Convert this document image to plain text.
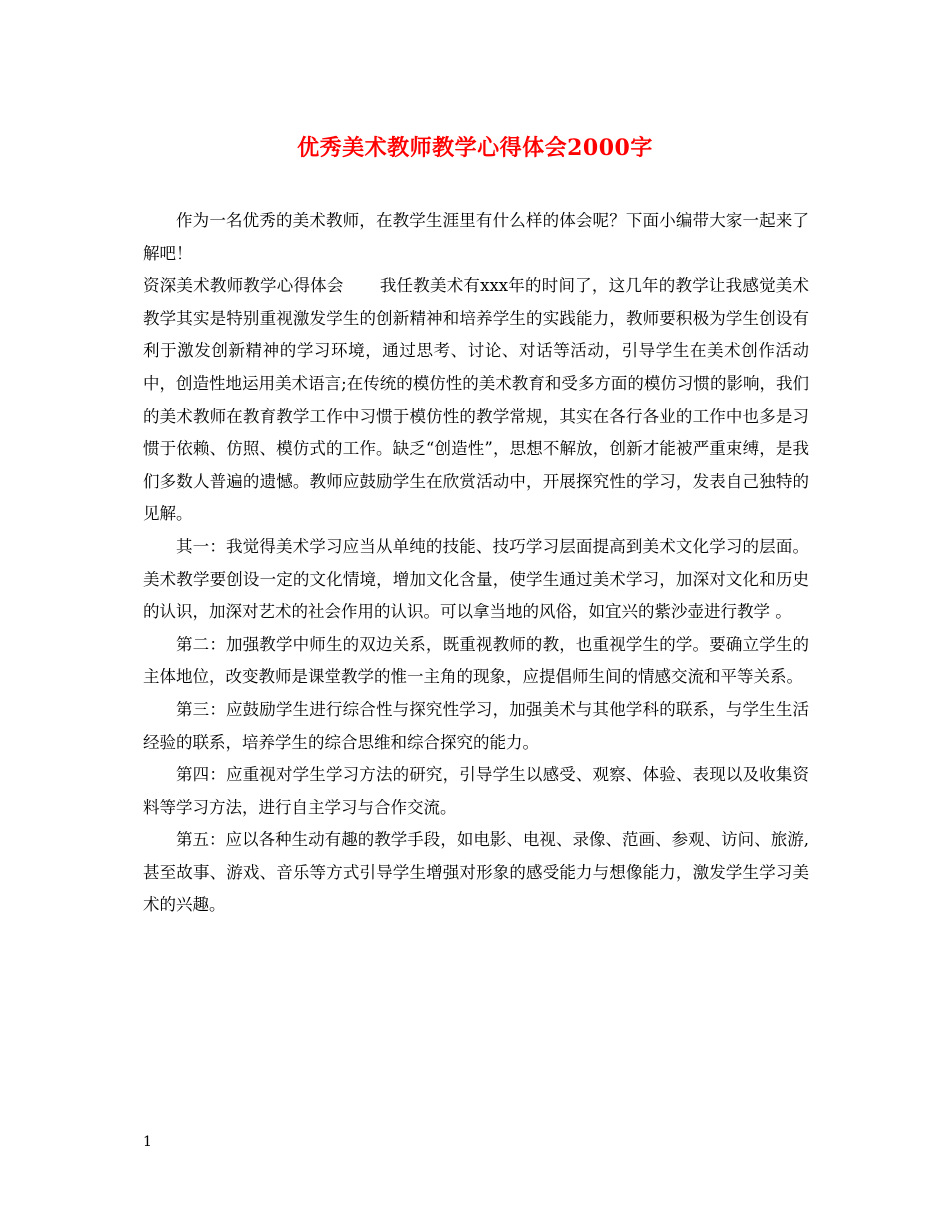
优秀美术教师教学心得体会2000字

作为一名优秀的美术教师，在教学生涯里有什么样的体会呢？下面小编带大家一起来了解吧！

资深美术教师教学心得体会 我任教美术有xxx年的时间了，这几年的教学让我感觉美术教学其实是特别重视激发学生的创新精神和培养学生的实践能力，教师要积极为学生创设有利于激发创新精神的学习环境，通过思考、讨论、对话等活动，引导学生在美术创作活动中，创造性地运用美术语言;在传统的模仿性的美术教育和受多方面的模仿习惯的影响，我们的美术教师在教育教学工作中习惯于模仿性的教学常规，其实在各行各业的工作中也多是习惯于依赖、仿照、模仿式的工作。缺乏“创造性”，思想不解放，创新才能被严重束缚，是我们多数人普遍的遗憾。教师应鼓励学生在欣赏活动中，开展探究性的学习，发表自己独特的见解。

其一：我觉得美术学习应当从单纯的技能、技巧学习层面提高到美术文化学习的层面。美术教学要创设一定的文化情境，增加文化含量，使学生通过美术学习，加深对文化和历史的认识，加深对艺术的社会作用的认识。可以拿当地的风俗，如宜兴的紫沙壶进行教学 。

第二：加强教学中师生的双边关系，既重视教师的教，也重视学生的学。要确立学生的主体地位，改变教师是课堂教学的惟一主角的现象，应提倡师生间的情感交流和平等关系。

第三：应鼓励学生进行综合性与探究性学习，加强美术与其他学科的联系，与学生生活经验的联系，培养学生的综合思维和综合探究的能力。

第四：应重视对学生学习方法的研究，引导学生以感受、观察、体验、表现以及收集资料等学习方法，进行自主学习与合作交流。

第五：应以各种生动有趣的教学手段，如电影、电视、录像、范画、参观、访问、旅游,甚至故事、游戏、音乐等方式引导学生增强对形象的感受能力与想像能力，激发学生学习美术的兴趣。

1
